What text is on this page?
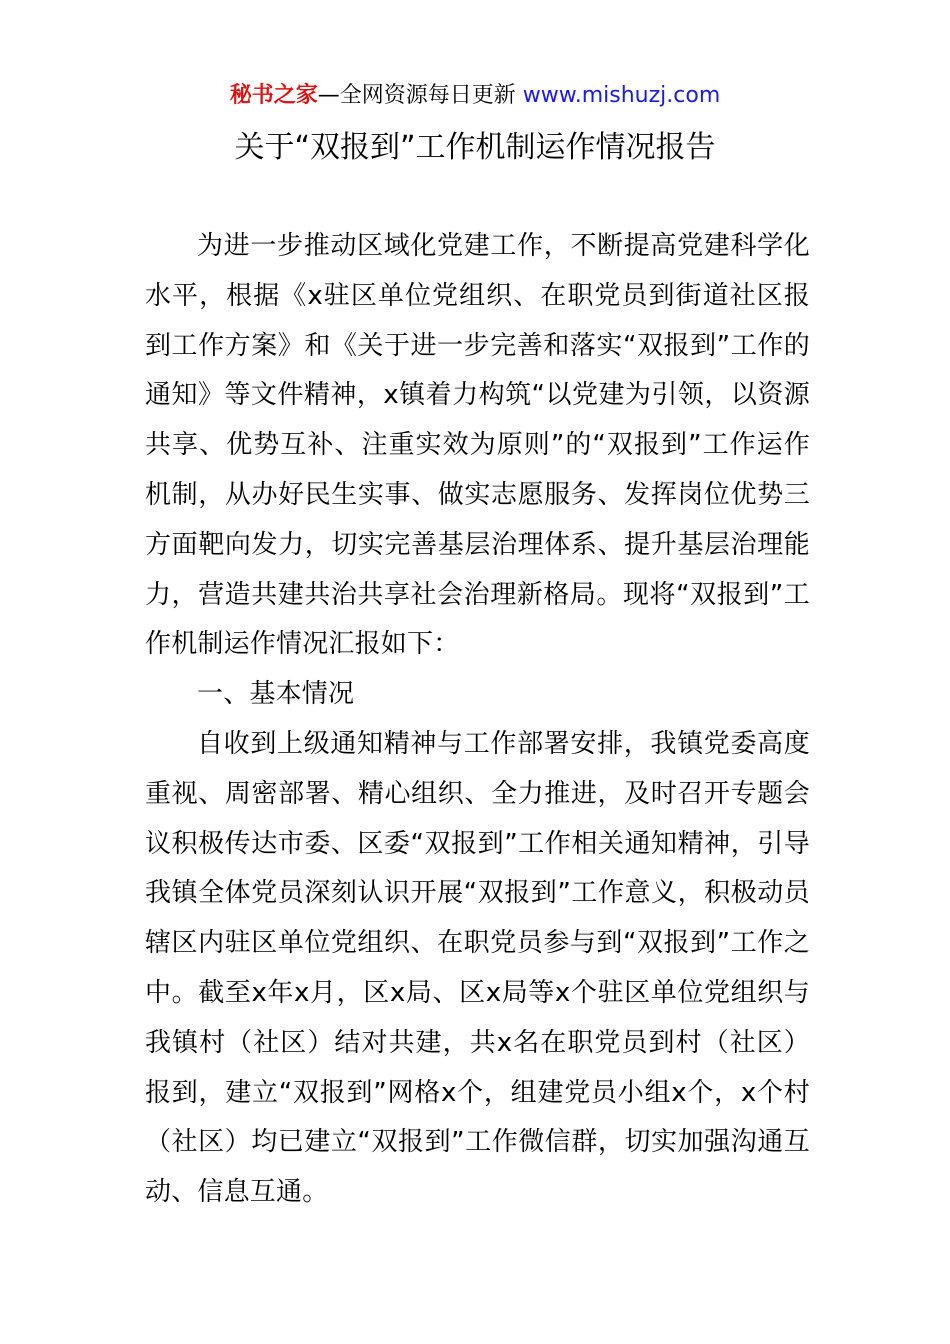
秘书之家—全网资源每日更新 www.mishuzj.com
关于“双报到”工作机制运作情况报告

为进一步推动区域化党建工作，不断提高党建科学化水平，根据《x驻区单位党组织、在职党员到街道社区报到工作方案》和《关于进一步完善和落实“双报到”工作的通知》等文件精神，x镇着力构筑“以党建为引领，以资源共享、优势互补、注重实效为原则”的“双报到”工作运作机制，从办好民生实事、做实志愿服务、发挥岗位优势三方面靶向发力，切实完善基层治理体系、提升基层治理能力，营造共建共治共享社会治理新格局。现将“双报到”工作机制运作情况汇报如下：

一、基本情况

自收到上级通知精神与工作部署安排，我镇党委高度重视、周密部署、精心组织、全力推进，及时召开专题会议积极传达市委、区委“双报到”工作相关通知精神，引导我镇全体党员深刻认识开展“双报到”工作意义，积极动员辖区内驻区单位党组织、在职党员参与到“双报到”工作之中。截至x年x月，区x局、区x局等x个驻区单位党组织与我镇村（社区）结对共建，共x名在职党员到村（社区）报到，建立“双报到”网格x个，组建党员小组x个，x个村（社区）均已建立“双报到”工作微信群，切实加强沟通互动、信息互通。
